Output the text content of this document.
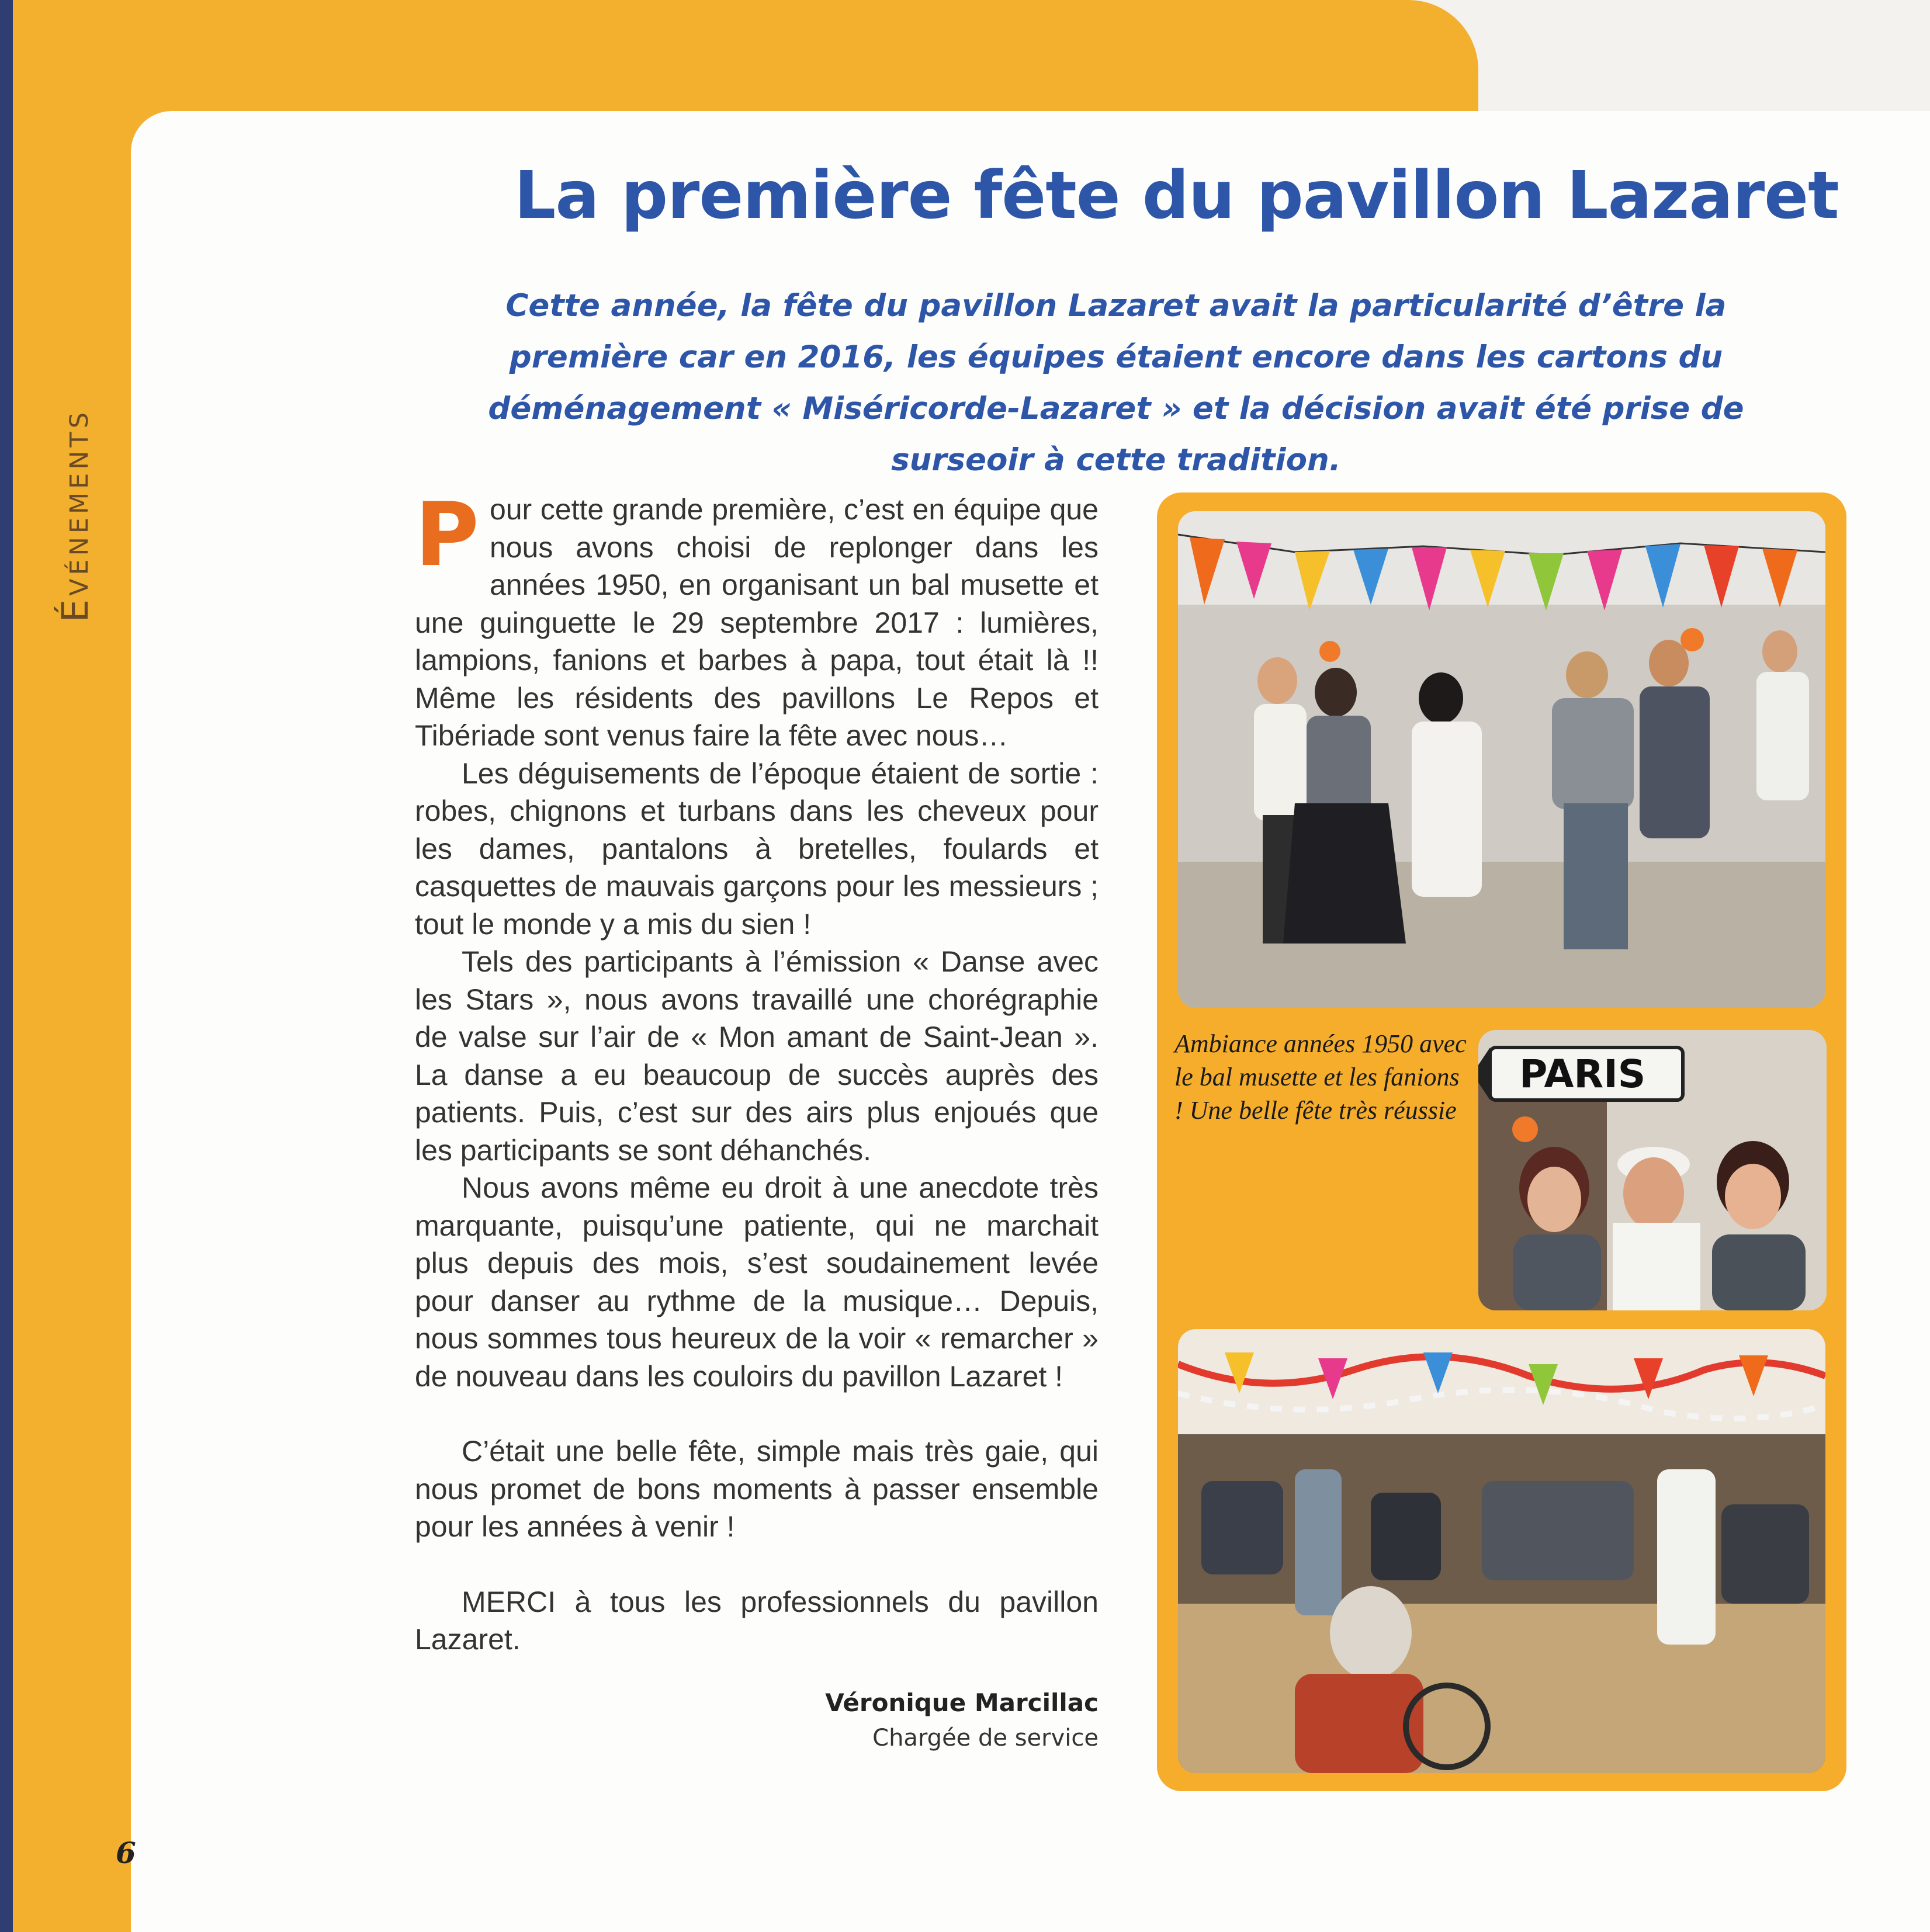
Événements
La première fête du pavillon Lazaret
Cette année, la fête du pavillon Lazaret avait la particularité d’être la première car en 2016, les équipes étaient encore dans les cartons du déménagement « Miséricorde-Lazaret » et la décision avait été prise de surseoir à cette tradition.

Pour cette grande première, c’est en équipe que nous avons choisi de replonger dans les années 1950, en organisant un bal musette et une guinguette le 29 septembre 2017 : lumières, lampions, fanions et barbes à papa, tout était là !! Même les résidents des pavillons Le Repos et Tibériade sont venus faire la fête avec nous…

Les déguisements de l’époque étaient de sortie : robes, chignons et turbans dans les cheveux pour les dames, pantalons à bretelles, foulards et casquettes de mauvais garçons pour les messieurs ; tout le monde y a mis du sien !

Tels des participants à l’émission « Danse avec les Stars », nous avons travaillé une chorégraphie de valse sur l’air de « Mon amant de Saint-Jean ». La danse a eu beaucoup de succès auprès des patients. Puis, c’est sur des airs plus enjoués que les participants se sont déhanchés.

Nous avons même eu droit à une anecdote très marquante, puisqu’une patiente, qui ne marchait plus depuis des mois, s’est soudainement levée pour danser au rythme de la musique… Depuis, nous sommes tous heureux de la voir « remarcher » de nouveau dans les couloirs du pavillon Lazaret !

C’était une belle fête, simple mais très gaie, qui nous promet de bons moments à passer ensemble pour les années à venir !

MERCI à tous les professionnels du pavillon Lazaret.

Véronique Marcillac
Chargée de service
Ambiance années 1950 avec le bal musette et les fanions ! Une belle fête très réussie
PARIS
6
